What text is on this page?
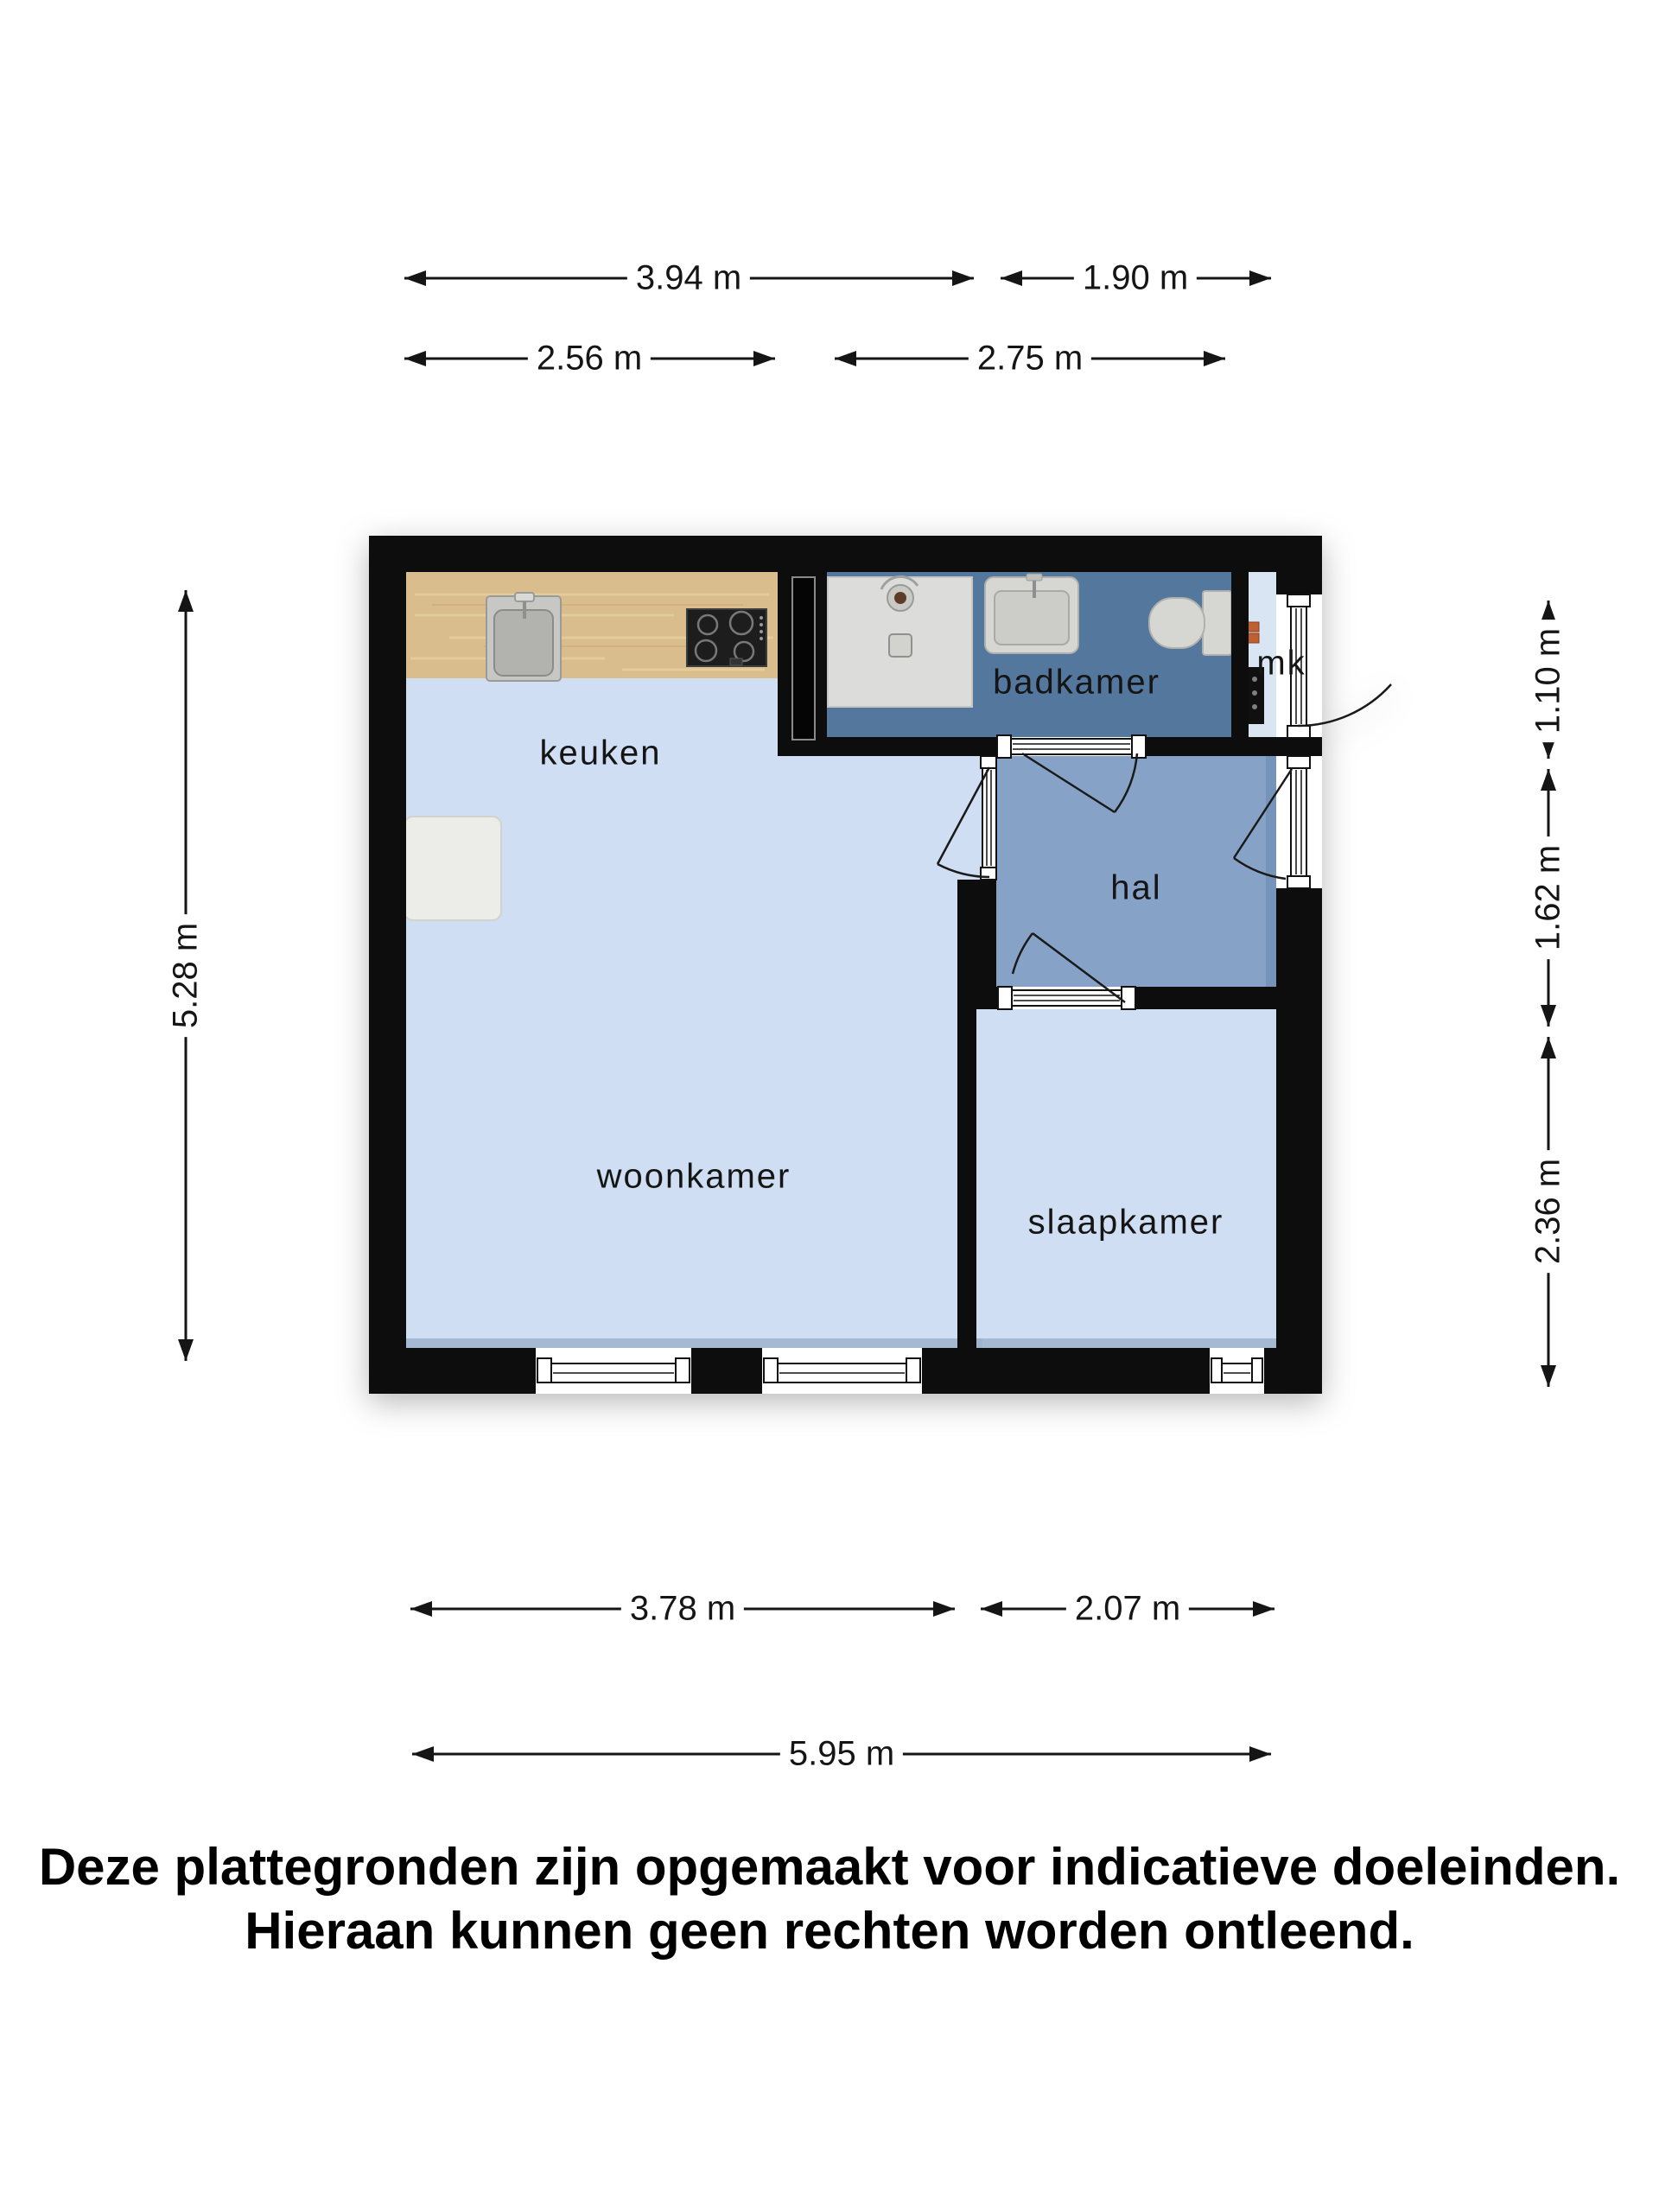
keuken
badkamer	mk
hal
woonkamer
slaapkamer
3.94 m	1.90 m
2.56 m	2.75 m
5.28 m
1.10 m
1.62 m
2.36 m
3.78 m	2.07 m
5.95 m
Deze plattegronden zijn opgemaakt voor indicatieve doeleinden.
Hieraan kunnen geen rechten worden ontleend.
